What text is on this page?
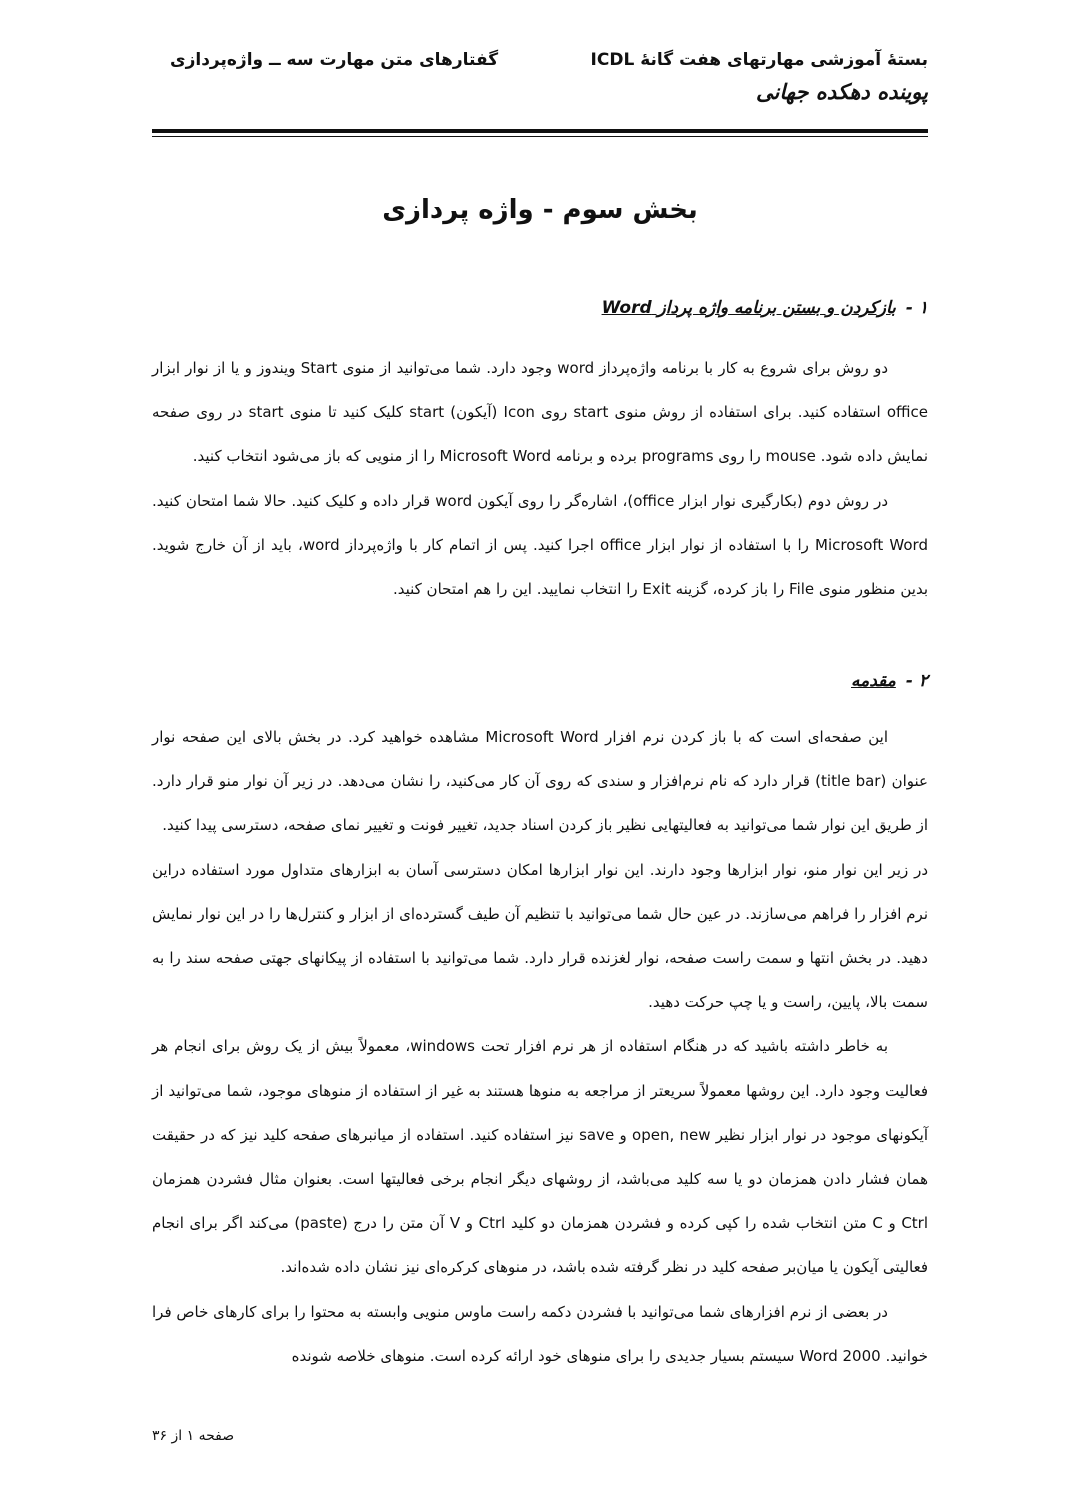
بستهٔ آموزشی مهارتهای هفت گانهٔ ICDL
پوینده دهکده جهانی
گفتارهای متن مهارت سه ــ واژه‌پردازی
بخش سوم - واژه پردازی
١ -بازکردن و بستن برنامه واژه پرداز Word

دو روش برای شروع به کار با برنامه واژه‌پرداز word وجود دارد. شما می‌توانید از منوی Start ویندوز و یا از نوار ابزار office استفاده کنید. برای استفاده از روش منوی start روی Icon (آیکون) start کلیک کنید تا منوی start در روی صفحه نمایش داده شود. mouse را روی programs برده و برنامه Microsoft Word را از منویی که باز می‌شود انتخاب کنید.

در روش دوم (بکارگیری نوار ابزار office)، اشاره‌گر را روی آیکون word قرار داده و کلیک کنید. حالا شما امتحان کنید. Microsoft Word را با استفاده از نوار ابزار office اجرا کنید. پس از اتمام کار با واژه‌پرداز word، باید از آن خارج شوید. بدین منظور منوی File را باز کرده، گزینه Exit را انتخاب نمایید. این را هم امتحان کنید.

٢ -مقدمه

این صفحه‌ای است که با باز کردن نرم افزار Microsoft Word مشاهده خواهید کرد. در بخش بالای این صفحه نوار عنوان (title bar) قرار دارد که نام نرم‌افزار و سندی که روی آن کار می‌کنید، را نشان می‌دهد. در زیر آن نوار منو قرار دارد. از طریق این نوار شما می‌توانید به فعالیتهایی نظیر باز کردن اسناد جدید، تغییر فونت و تغییر نمای صفحه، دسترسی پیدا کنید.

در زیر این نوار منو، نوار ابزارها وجود دارند. این نوار ابزارها امکان دسترسی آسان به ابزارهای متداول مورد استفاده دراین نرم افزار را فراهم می‌سازند. در عین حال شما می‌توانید با تنظیم آن طیف گسترده‌ای از ابزار و کنترل‌ها را در این نوار نمایش دهید. در بخش انتها و سمت راست صفحه، نوار لغزنده قرار دارد. شما می‌توانید با استفاده از پیکانهای جهتی صفحه سند را به سمت بالا، پایین، راست و یا چپ حرکت دهید.

به خاطر داشته باشید که در هنگام استفاده از هر نرم افزار تحت windows، معمولاً بیش از یک روش برای انجام هر فعالیت وجود دارد. این روشها معمولاً سریعتر از مراجعه به منوها هستند به غیر از استفاده از منوهای موجود، شما می‌توانید از آیکونهای موجود در نوار ابزار نظیر open, new و save نیز استفاده کنید. استفاده از میانبرهای صفحه کلید نیز که در حقیقت همان فشار دادن همزمان دو یا سه کلید می‌باشد، از روشهای دیگر انجام برخی فعالیتها است. بعنوان مثال فشردن همزمان Ctrl و C متن انتخاب شده را کپی کرده و فشردن همزمان دو کلید Ctrl و V آن متن را درج (paste) می‌کند اگر برای انجام فعالیتی آیکون یا میان‌بر صفحه کلید در نظر گرفته شده باشد، در منوهای کرکره‌ای نیز نشان داده شده‌اند.

در بعضی از نرم افزارهای شما می‌توانید با فشردن دکمه راست ماوس منویی وابسته به محتوا را برای کارهای خاص فرا خوانید. Word 2000 سیستم بسیار جدیدی را برای منوهای خود ارائه کرده است. منوهای خلاصه شونده

صفحه ١ از ٣۶
